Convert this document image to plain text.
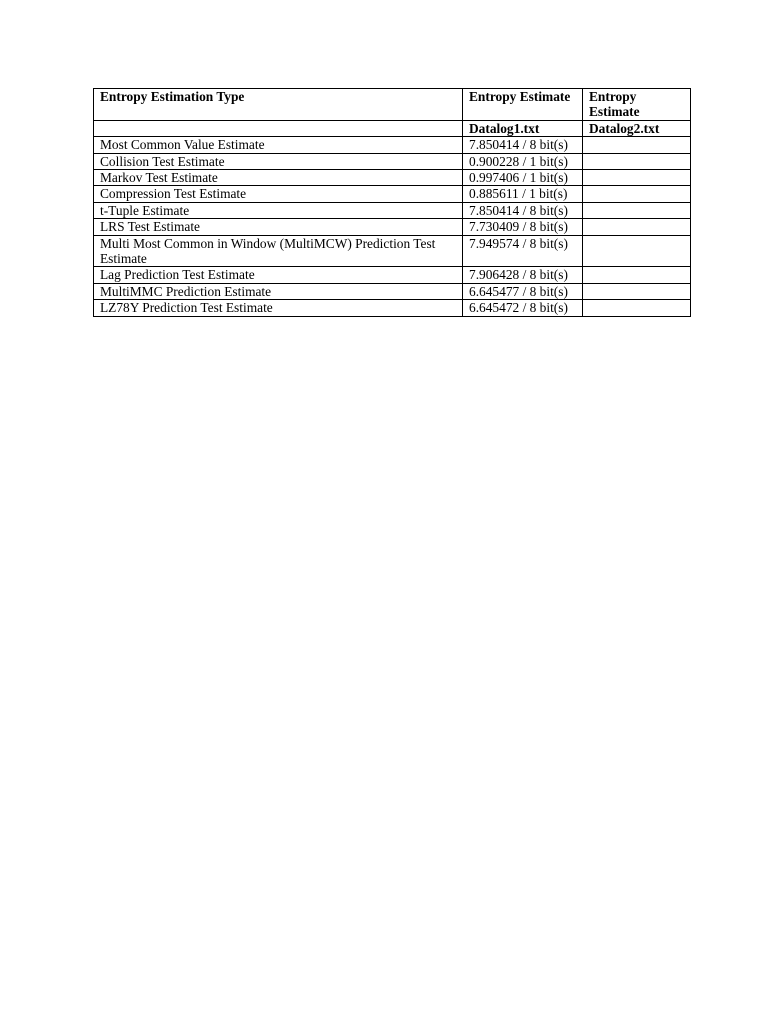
Entropy Estimation Type	Entropy Estimate	Entropy Estimate
	Datalog1.txt	Datalog2.txt
Most Common Value Estimate	7.850414 / 8 bit(s)	
Collision Test Estimate	0.900228 / 1 bit(s)	
Markov Test Estimate	0.997406 / 1 bit(s)	
Compression Test Estimate	0.885611 / 1 bit(s)	
t-Tuple Estimate	7.850414 / 8 bit(s)	
LRS Test Estimate	7.730409 / 8 bit(s)	
Multi Most Common in Window (MultiMCW) Prediction Test Estimate	7.949574 / 8 bit(s)	
Lag Prediction Test Estimate	7.906428 / 8 bit(s)	
MultiMMC Prediction Estimate	6.645477 / 8 bit(s)	
LZ78Y Prediction Test Estimate	6.645472 / 8 bit(s)	
